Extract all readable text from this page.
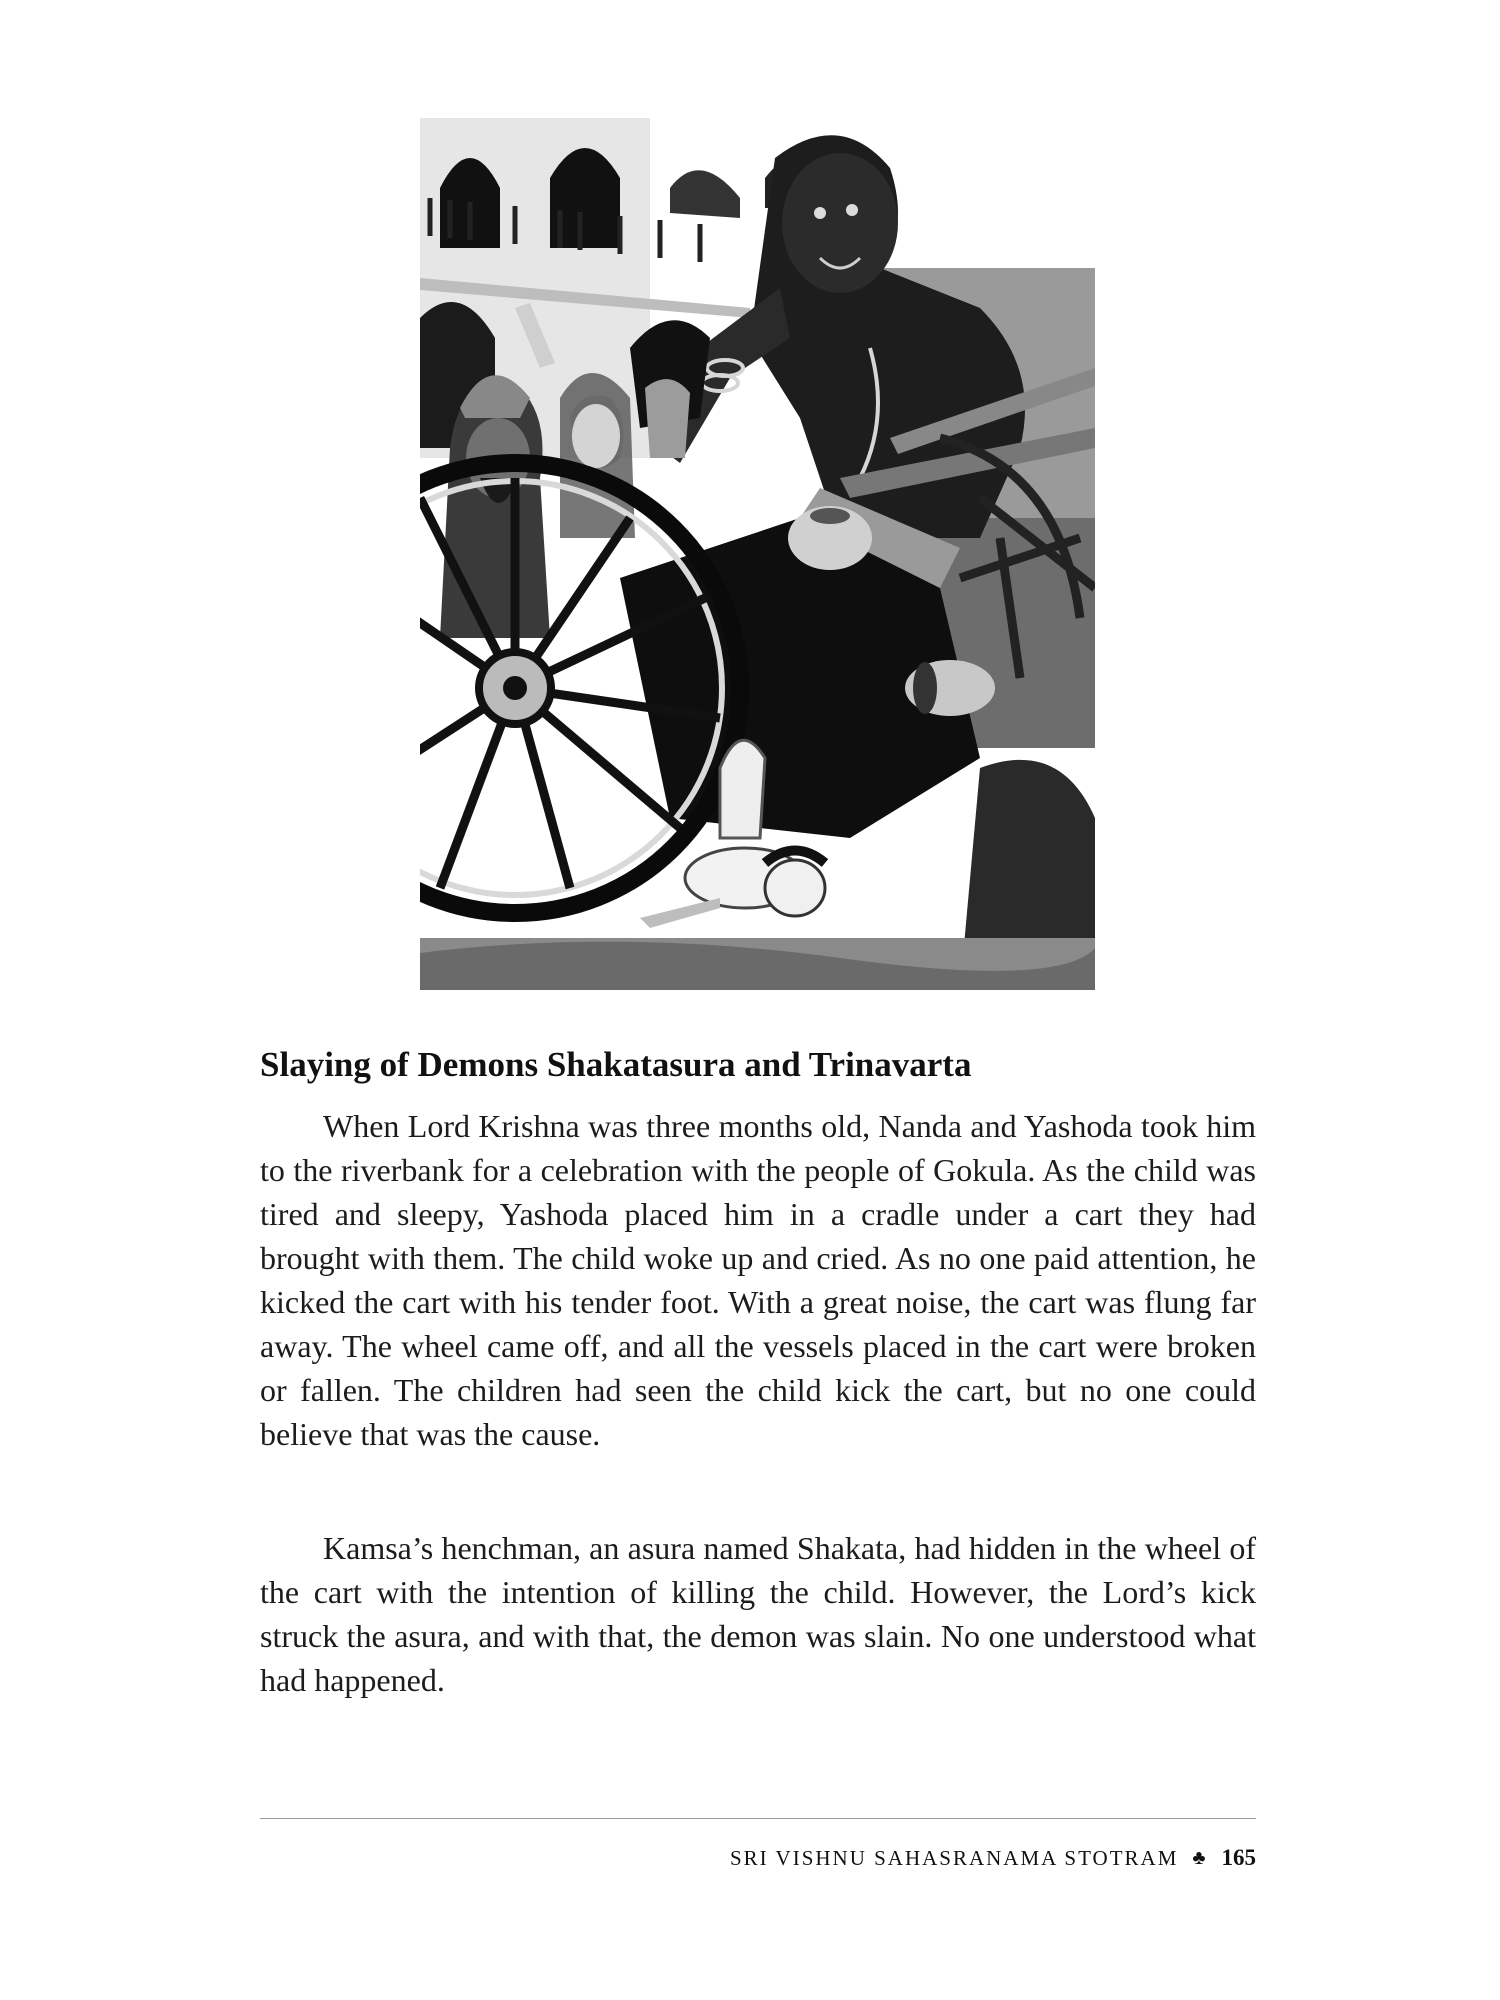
Slaying of Demons Shakatasura and Trinavarta

When Lord Krishna was three months old, Nanda and Yashoda took him to the riverbank for a celebration with the people of Gokula. As the child was tired and sleepy, Yashoda placed him in a cradle under a cart they had brought with them. The child woke up and cried. As no one paid attention, he kicked the cart with his tender foot. With a great noise, the cart was flung far away. The wheel came off, and all the vessels placed in the cart were broken or fallen. The children had seen the child kick the cart, but no one could believe that was the cause.

Kamsa’s henchman, an asura named Shakata, had hidden in the wheel of the cart with the intention of killing the child. However, the Lord’s kick struck the asura, and with that, the demon was slain. No one understood what had happened.

SRI VISHNU SAHASRANAMA STOTRAM ♣ 165
